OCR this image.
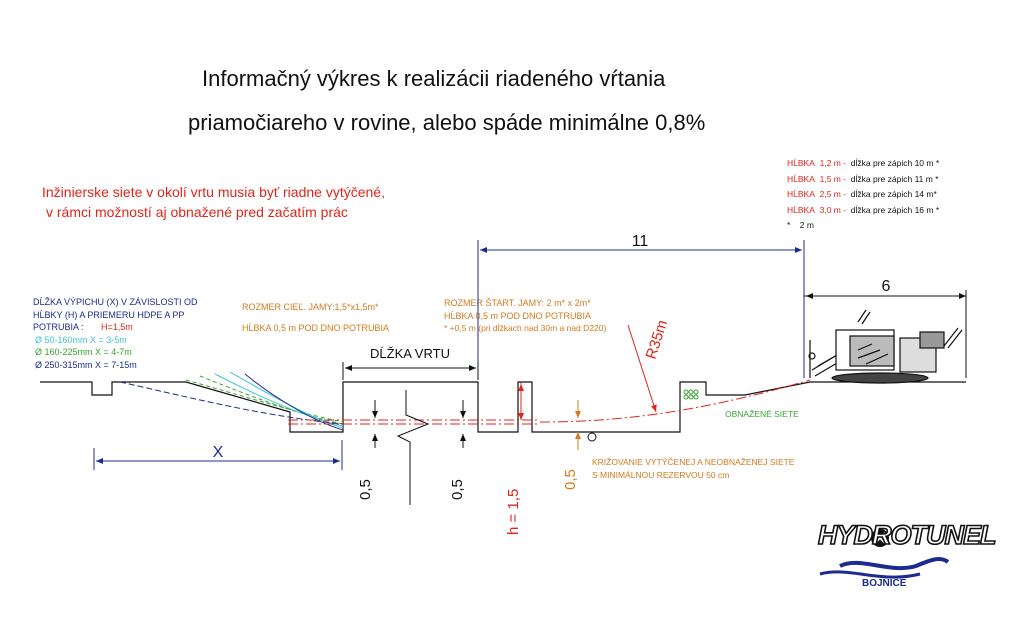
Informačný výkres k realizácii riadeného vŕtania
priamočiareho v rovine, alebo spáde minimálne 0,8%
Inžinierske siete v okolí vrtu musia byť riadne vytýčené,
v rámci možností aj obnažené pred začatím prác
HĹBKA 1,2 m - dĺžka pre zápich 10 m *
HĹBKA 1,5 m - dĺžka pre zápich 11 m *
HĹBKA 2,5 m - dĺžka pre zápich 14 m*
HĹBKA 3,0 m - dĺžka pre zápich 16 m *
* 2 m
DĹŽKA VÝPICHU (X) V ZÁVISLOSTI OD
HĹBKY (H) A PRIEMERU HDPE A PP
POTRUBIA : H=1,5m
Ø 50-160mm X = 3-5m
Ø 160-225mm X = 4-7m
Ø 250-315mm X = 7-15m
ROZMER CIEĽ. JAMY:1,5*x1,5m*
HĹBKA 0,5 m POD DNO POTRUBIA
ROZMER ŠTART. JAMY: 2 m* x 2m*
HĹBKA 0,5 m POD DNO POTRUBIA
* +0,5 m (pri dĺžkach nad 30m a nad D220)
KRIŽOVANIE VYTÝČENEJ A NEOBNAŽENEJ SIETE
S MINIMÁLNOU REZERVOU 50 cm
OBNAŽENÉ SIETE
11
6
X
DĹŽKA VRTU
0,5	0,5	h = 1,5
0,5
R35m
HYDROTUNEL
BOJNICE
